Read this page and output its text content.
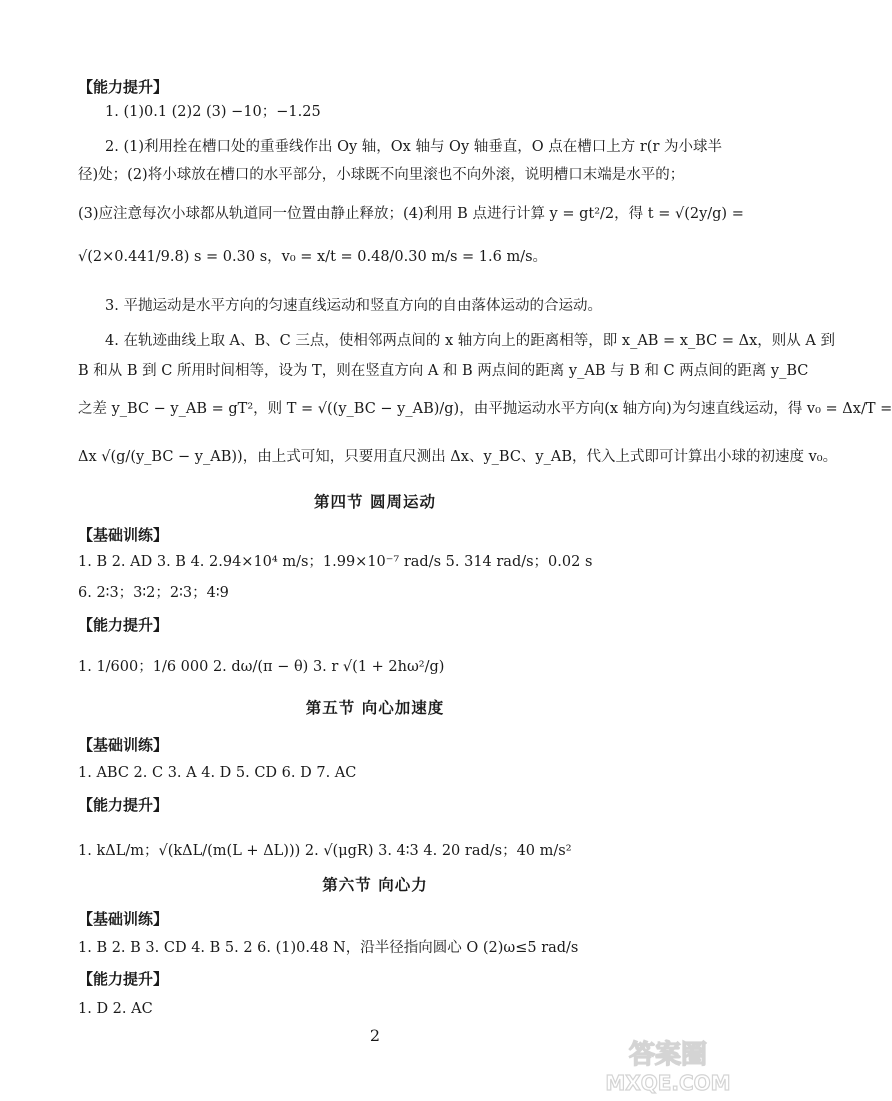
【能力提升】
1. (1)0.1 (2)2 (3) −10；−1.25
2. (1)利用拴在槽口处的重垂线作出 Oy 轴，Ox 轴与 Oy 轴垂直，O 点在槽口上方 r(r 为小球半
径)处；(2)将小球放在槽口的水平部分，小球既不向里滚也不向外滚，说明槽口末端是水平的；
(3)应注意每次小球都从轨道同一位置由静止释放；(4)利用 B 点进行计算 y = gt²/2，得 t = √(2y/g) =
√(2×0.441/9.8) s = 0.30 s，v₀ = x/t = 0.48/0.30 m/s = 1.6 m/s。
3. 平抛运动是水平方向的匀速直线运动和竖直方向的自由落体运动的合运动。
4. 在轨迹曲线上取 A、B、C 三点，使相邻两点间的 x 轴方向上的距离相等，即 x_AB = x_BC = Δx，则从 A 到
B 和从 B 到 C 所用时间相等，设为 T，则在竖直方向 A 和 B 两点间的距离 y_AB 与 B 和 C 两点间的距离 y_BC
之差 y_BC − y_AB = gT²，则 T = √((y_BC − y_AB)/g)，由平抛运动水平方向(x 轴方向)为匀速直线运动，得 v₀ = Δx/T =
Δx √(g/(y_BC − y_AB))，由上式可知，只要用直尺测出 Δx、y_BC、y_AB，代入上式即可计算出小球的初速度 v₀。
第四节 圆周运动
【基础训练】
1. B 2. AD 3. B 4. 2.94×10⁴ m/s；1.99×10⁻⁷ rad/s 5. 314 rad/s；0.02 s
6. 2∶3；3∶2；2∶3；4∶9
【能力提升】
1. 1/600；1/6 000 2. dω/(π − θ) 3. r √(1 + 2hω²/g)
第五节 向心加速度
【基础训练】
1. ABC 2. C 3. A 4. D 5. CD 6. D 7. AC
【能力提升】
1. kΔL/m；√(kΔL/(m(L + ΔL))) 2. √(μgR) 3. 4∶3 4. 20 rad/s；40 m/s²
第六节 向心力
【基础训练】
1. B 2. B 3. CD 4. B 5. 2 6. (1)0.48 N，沿半径指向圆心 O (2)ω≤5 rad/s
【能力提升】
1. D 2. AC
2
答案圈
MXQE.COM
